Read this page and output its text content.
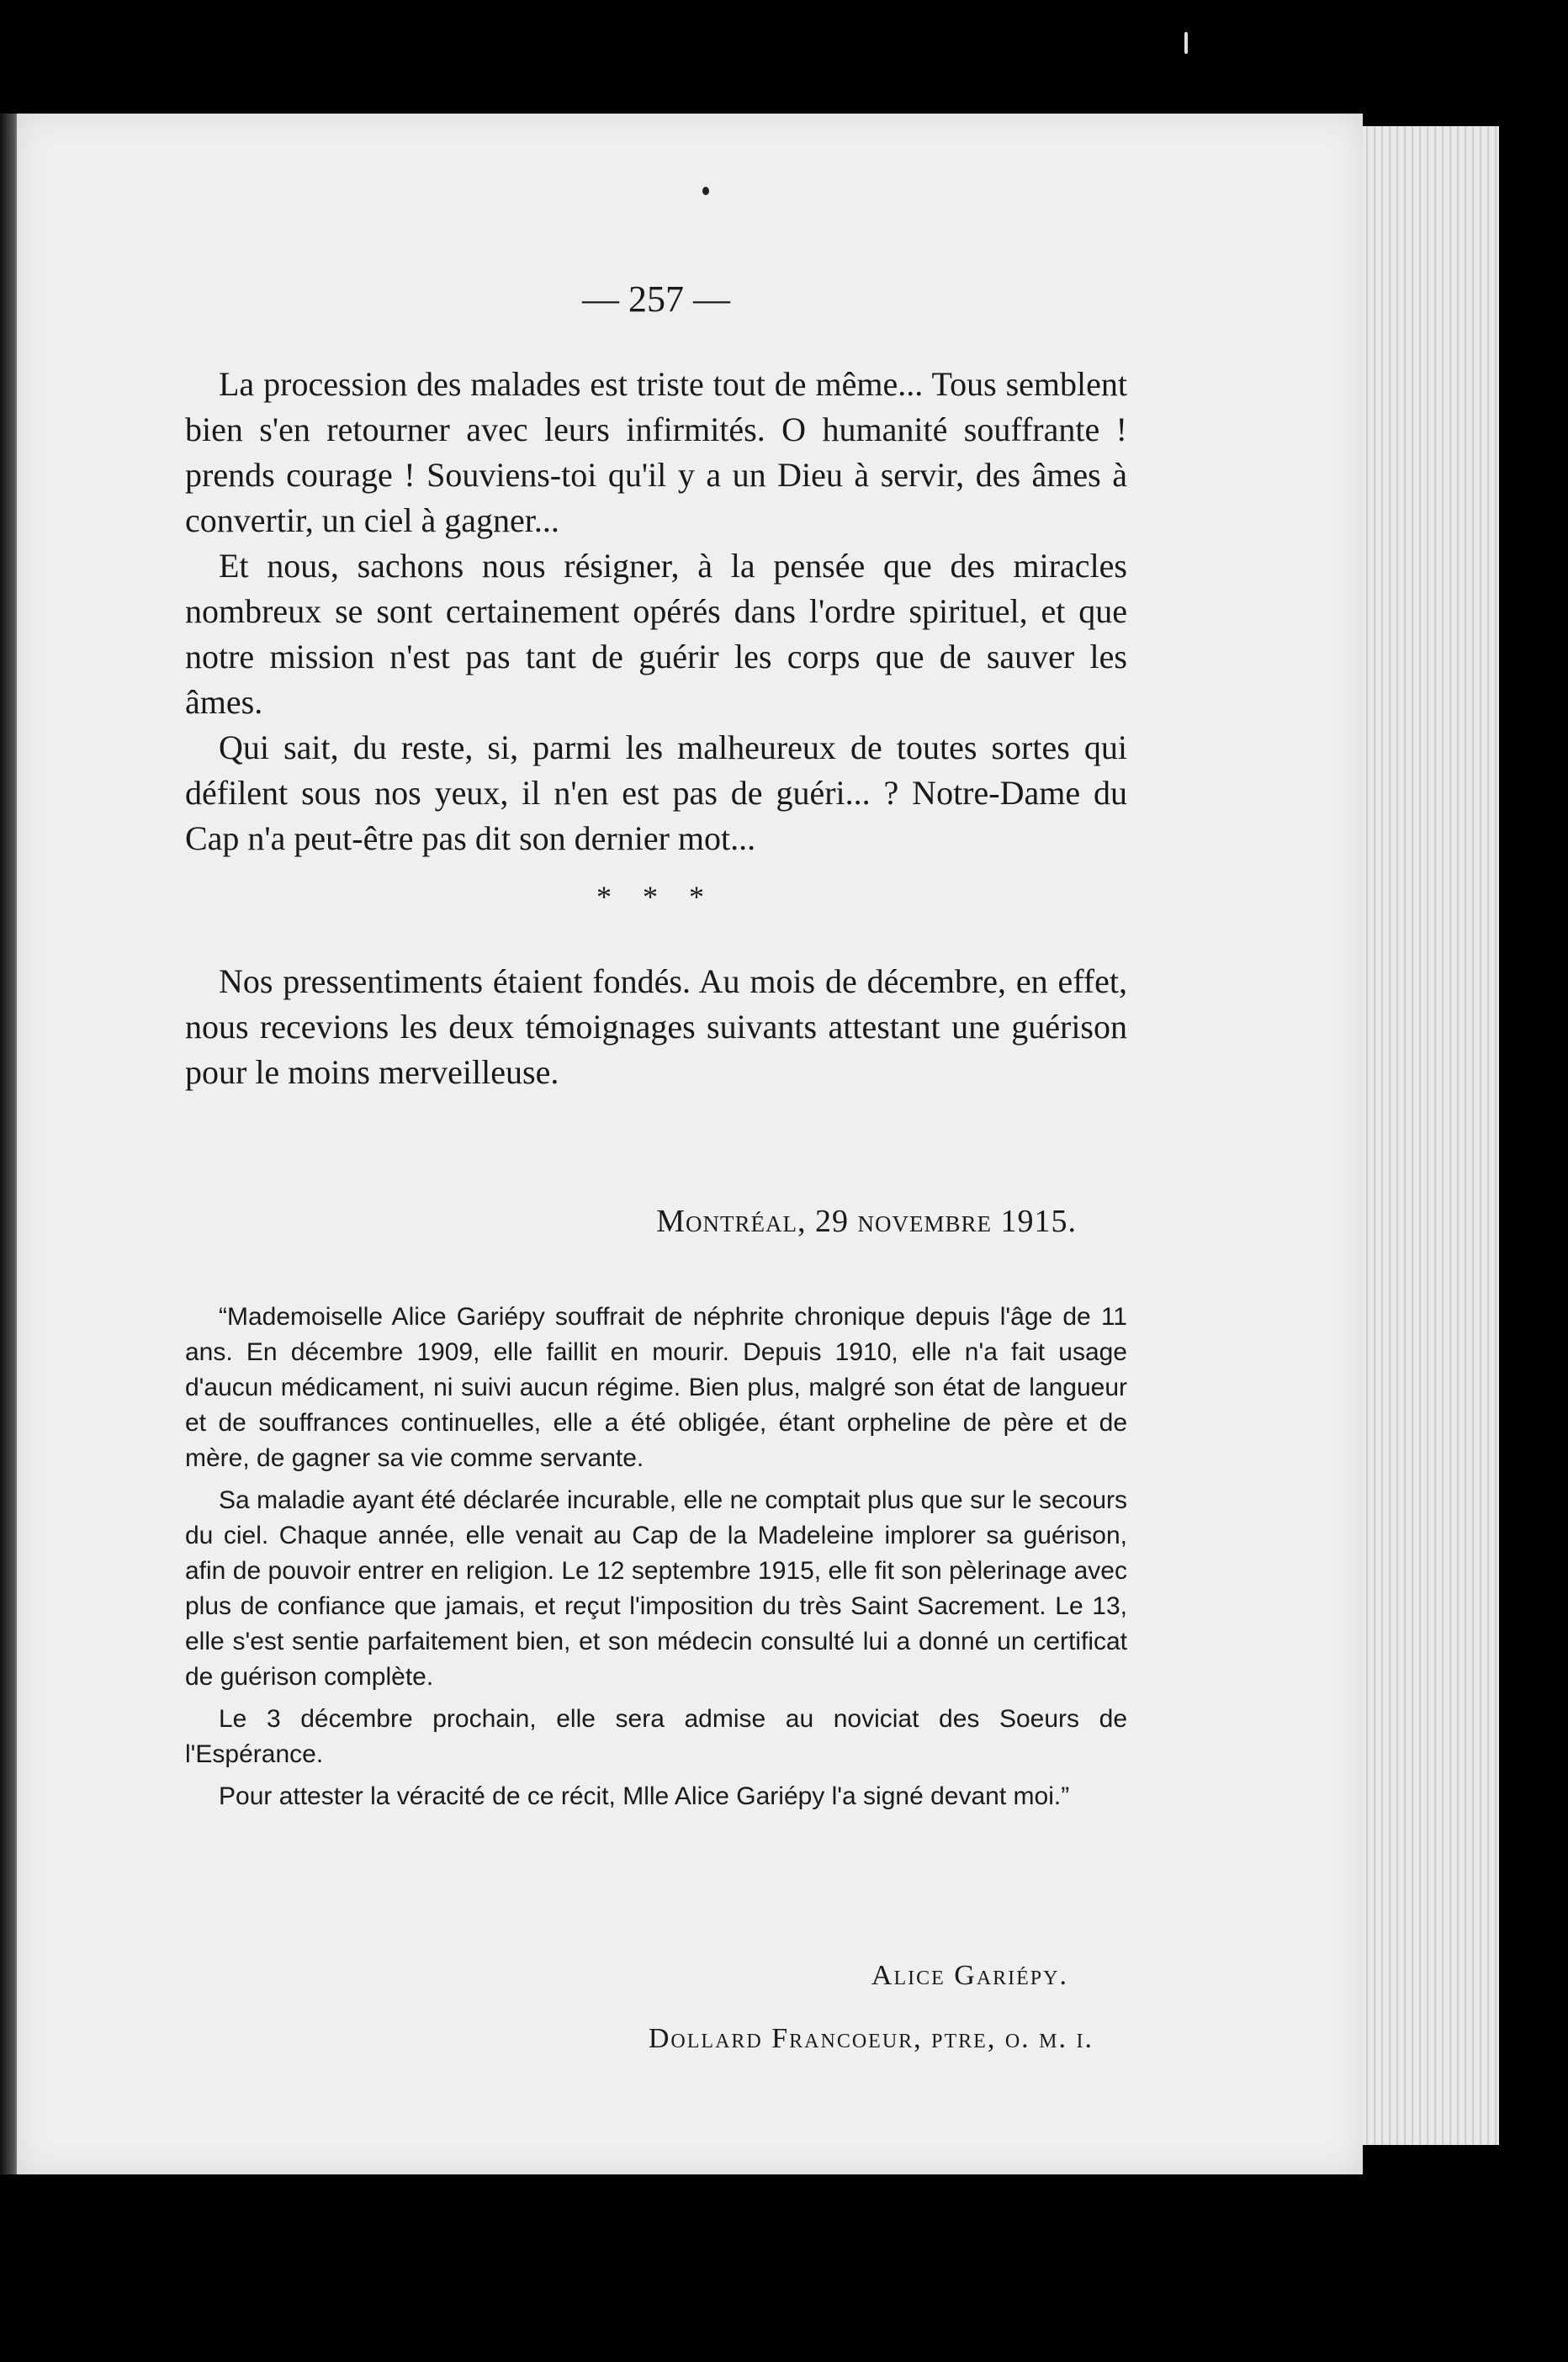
— 257 —

La procession des malades est triste tout de même... Tous semblent bien s'en retourner avec leurs infirmités. O humanité souffrante ! prends courage ! Souviens-toi qu'il y a un Dieu à servir, des âmes à convertir, un ciel à gagner...

Et nous, sachons nous résigner, à la pensée que des miracles nombreux se sont certainement opérés dans l'ordre spirituel, et que notre mission n'est pas tant de guérir les corps que de sauver les âmes.

Qui sait, du reste, si, parmi les malheureux de toutes sortes qui défilent sous nos yeux, il n'en est pas de guéri... ? Notre-Dame du Cap n'a peut-être pas dit son dernier mot...

* * *

Nos pressentiments étaient fondés. Au mois de décembre, en effet, nous recevions les deux témoignages suivants attestant une guérison pour le moins merveilleuse.

Montréal, 29 novembre 1915.

“Mademoiselle Alice Gariépy souffrait de néphrite chronique depuis l'âge de 11 ans. En décembre 1909, elle faillit en mourir. Depuis 1910, elle n'a fait usage d'aucun médicament, ni suivi aucun régime. Bien plus, malgré son état de langueur et de souffrances continuelles, elle a été obligée, étant orpheline de père et de mère, de gagner sa vie comme servante.

Sa maladie ayant été déclarée incurable, elle ne comptait plus que sur le secours du ciel. Chaque année, elle venait au Cap de la Madeleine implorer sa guérison, afin de pouvoir entrer en religion. Le 12 septembre 1915, elle fit son pèlerinage avec plus de confiance que jamais, et reçut l'imposition du très Saint Sacrement. Le 13, elle s'est sentie parfaitement bien, et son médecin consulté lui a donné un certificat de guérison complète.

Le 3 décembre prochain, elle sera admise au noviciat des Soeurs de l'Espérance.

Pour attester la véracité de ce récit, Mlle Alice Gariépy l'a signé devant moi.”

Alice Gariépy.
Dollard Francoeur, ptre, o. m. i.
